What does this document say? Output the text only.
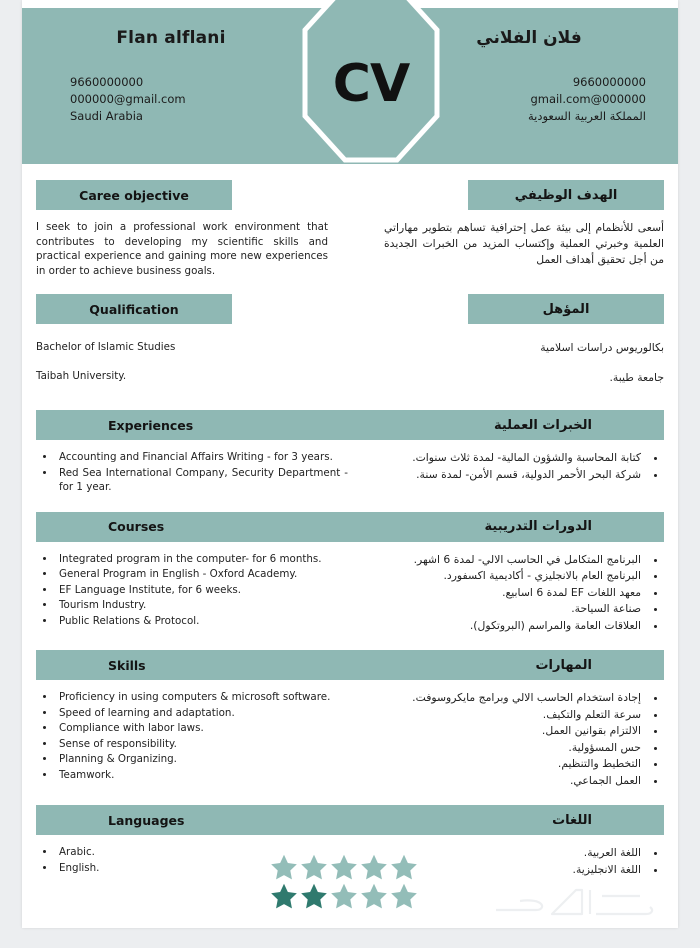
Flan alflani
9660000000
000000@gmail.com
Saudi Arabia
فلان الفلاني
9660000000
000000@gmail.com
المملكة العربية السعودية
CV
Caree objective	الهدف الوظيفي
I seek to join a professional work environment that contributes to developing my scientific skills and practical experience and gaining more new experiences in order to achieve business goals.
أسعى للأنظمام إلى بيئة عمل إحترافية تساهم بتطوير مهاراتي العلمية وخبرتي العملية وإكتساب المزيد من الخبرات الجديدة من أجل تحقيق أهداف العمل
Qualification	المؤهل
Bachelor of Islamic Studies
Taibah University.
بكالوريوس دراسات اسلامية
جامعة طيبة.
Experiences	الخبرات العملية
• Accounting and Financial Affairs Writing - for 3 years.
• Red Sea International Company, Security Department - for 1 year.
• كتابة المحاسبة والشؤون المالية- لمدة ثلاث سنوات.
• شركة البحر الأحمر الدولية، قسم الأمن- لمدة سنة.
Courses	الدورات التدريبية
• Integrated program in the computer- for 6 months.
• General Program in English - Oxford Academy.
• EF Language Institute, for 6 weeks.
• Tourism Industry.
• Public Relations & Protocol.
• البرنامج المتكامل في الحاسب الالي- لمدة 6 اشهر.
• البرنامج العام بالانجليزي - أكاديمية اكسفورد.
• معهد اللغات EF لمدة 6 اسابيع.
• صناعة السياحة.
• العلاقات العامة والمراسم (البروتكول).
Skills	المهارات
• Proficiency in using computers & microsoft software.
• Speed of learning and adaptation.
• Compliance with labor laws.
• Sense of responsibility.
• Planning & Organizing.
• Teamwork.
• إجادة استخدام الحاسب الالي وبرامج مايكروسوفت.
• سرعة التعلم والتكيف.
• الالتزام بقوانين العمل.
• حس المسؤولية.
• التخطيط والتنظيم.
• العمل الجماعي.
Languages	اللغات
• Arabic.
• English.
• اللغة العربية.
• اللغة الانجليزية.
